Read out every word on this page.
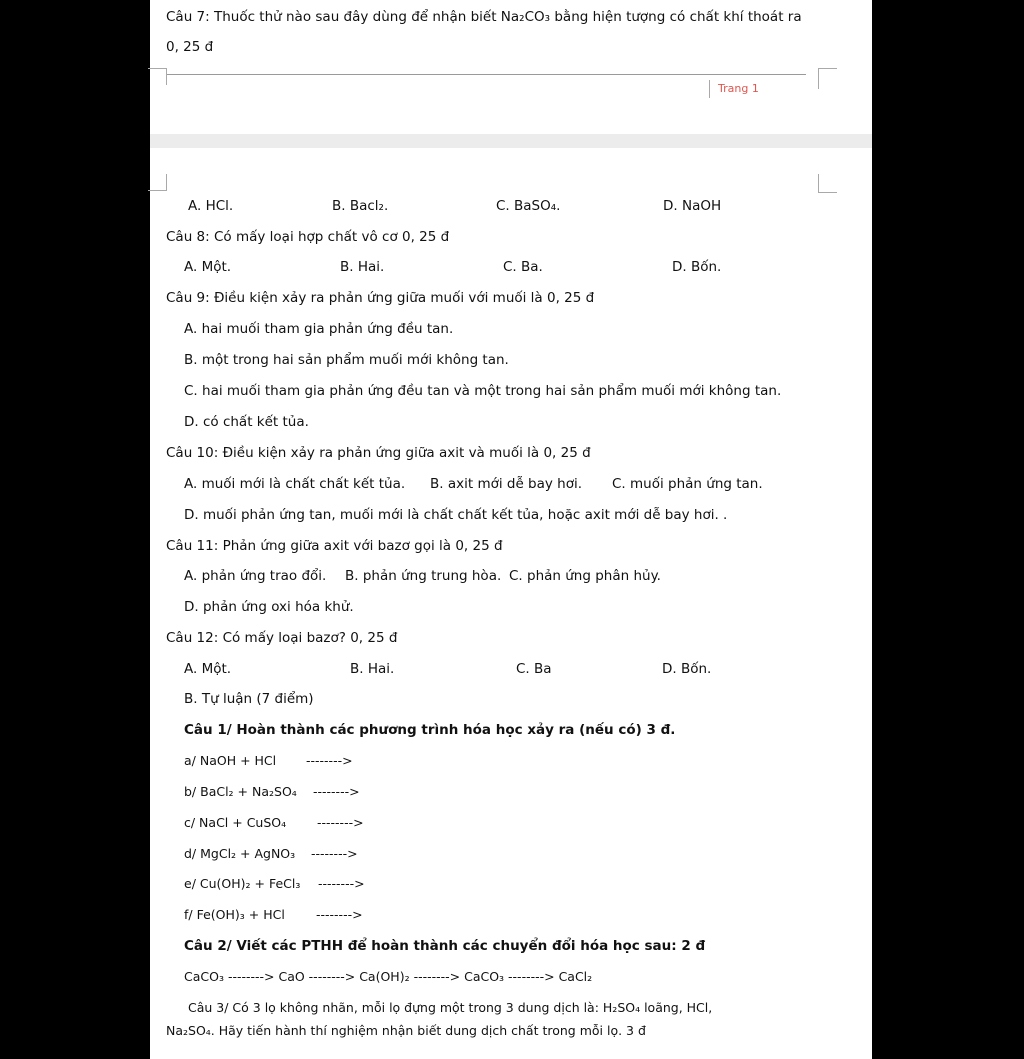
Câu 7: Thuốc thử nào sau đây dùng để nhận biết Na₂CO₃ bằng hiện tượng có chất khí thoát ra
0, 25 đ
Trang 1
A. HCl.	B. Bacl₂.	C. BaSO₄.	D. NaOH
Câu 8: Có mấy loại hợp chất vô cơ 0, 25 đ
A. Một.	B. Hai.	C. Ba.	D. Bốn.
Câu 9: Điều kiện xảy ra phản ứng giữa muối với muối là 0, 25 đ
A. hai muối tham gia phản ứng đều tan.
B. một trong hai sản phẩm muối mới không tan.
C. hai muối tham gia phản ứng đều tan và một trong hai sản phẩm muối mới không tan.
D. có chất kết tủa.
Câu 10: Điều kiện xảy ra phản ứng giữa axit và muối là 0, 25 đ
A. muối mới là chất chất kết tủa. B. axit mới dễ bay hơi. C. muối phản ứng tan.
D. muối phản ứng tan, muối mới là chất chất kết tủa, hoặc axit mới dễ bay hơi. .
Câu 11: Phản ứng giữa axit với bazơ gọi là 0, 25 đ
A. phản ứng trao đổi. B. phản ứng trung hòa. C. phản ứng phân hủy.
D. phản ứng oxi hóa khử.
Câu 12: Có mấy loại bazơ? 0, 25 đ
A. Một.	B. Hai.	C. Ba	D. Bốn.
B. Tự luận (7 điểm)
Câu 1/ Hoàn thành các phương trình hóa học xảy ra (nếu có) 3 đ.
a/ NaOH + HCl -------->
b/ BaCl₂ + Na₂SO₄ -------->
c/ NaCl + CuSO₄ -------->
d/ MgCl₂ + AgNO₃ -------->
e/ Cu(OH)₂ + FeCl₃ -------->
f/ Fe(OH)₃ + HCl -------->
Câu 2/ Viết các PTHH để hoàn thành các chuyển đổi hóa học sau: 2 đ
CaCO₃ --------> CaO --------> Ca(OH)₂ --------> CaCO₃ --------> CaCl₂
Câu 3/ Có 3 lọ không nhãn, mỗi lọ đựng một trong 3 dung dịch là: H₂SO₄ loãng, HCl,
Na₂SO₄. Hãy tiến hành thí nghiệm nhận biết dung dịch chất trong mỗi lọ. 3 đ
